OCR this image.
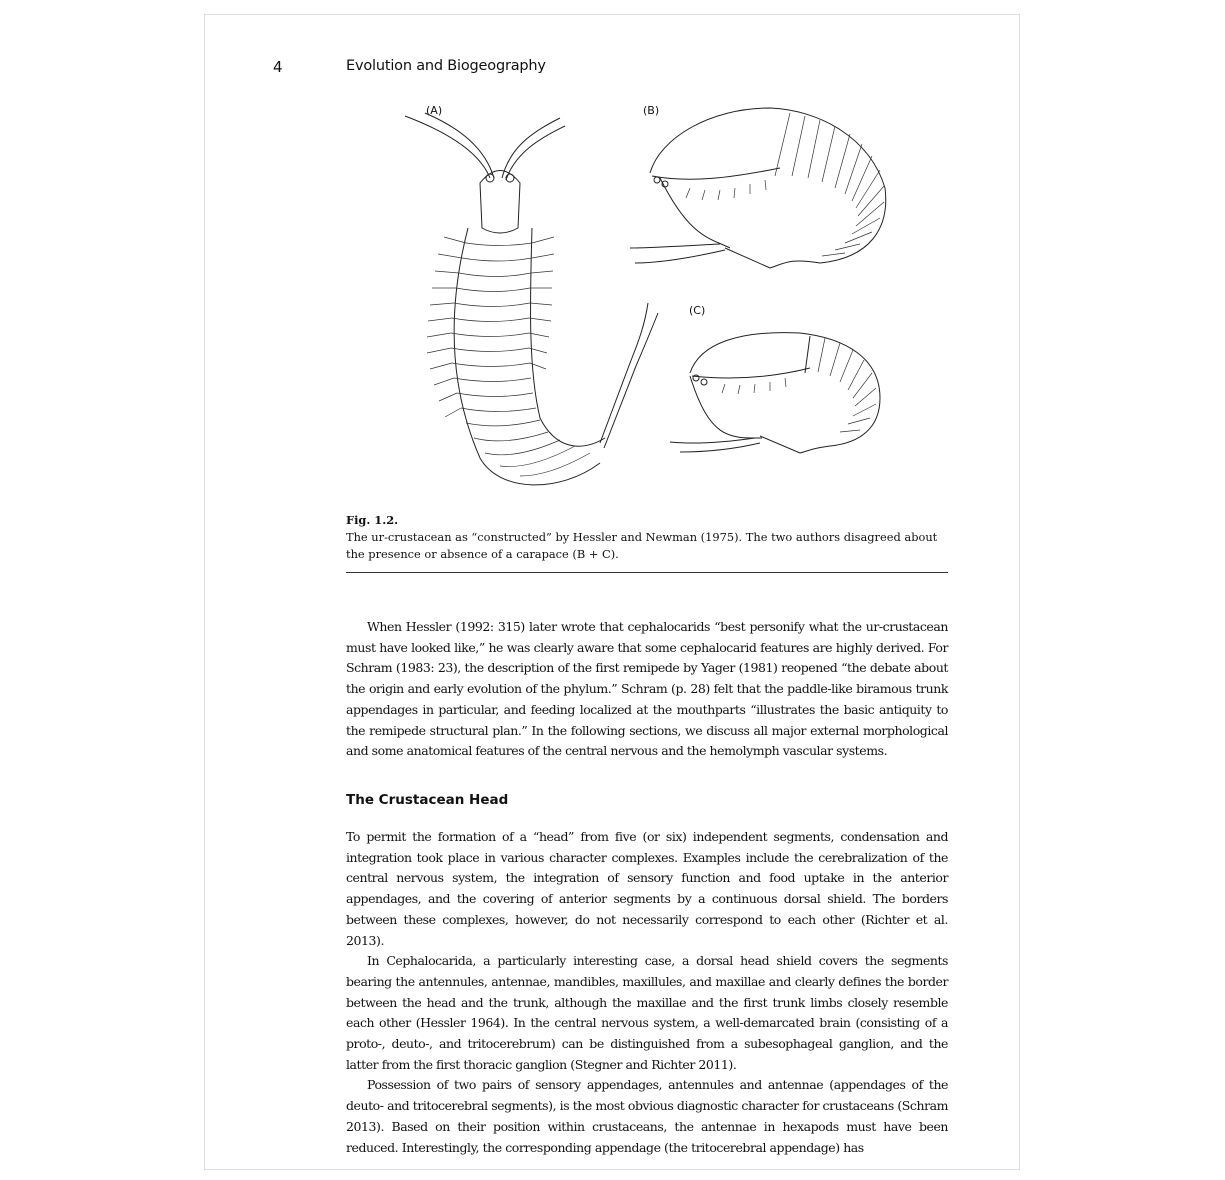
4	Evolution and Biogeography
(A)	(B)
(C)
Fig. 1.2.
The ur-crustacean as “constructed” by Hessler and Newman (1975). The two authors disagreed about the presence or absence of a carapace (B + C).

When Hessler (1992: 315) later wrote that cephalocarids “best personify what the ur-crustacean must have looked like,” he was clearly aware that some cephalocarid features are highly derived. For Schram (1983: 23), the description of the first remipede by Yager (1981) reopened “the debate about the origin and early evolution of the phylum.” Schram (p. 28) felt that the paddle-like biramous trunk appendages in particular, and feeding localized at the mouthparts “illustrates the basic antiquity to the remipede structural plan.” In the following sections, we discuss all major external morphological and some anatomical features of the central nervous and the hemolymph vascular systems.

The Crustacean Head

To permit the formation of a “head” from five (or six) independent segments, condensation and integration took place in various character complexes. Examples include the cerebralization of the central nervous system, the integration of sensory function and food uptake in the anterior appendages, and the covering of anterior segments by a continuous dorsal shield. The borders between these complexes, however, do not necessarily correspond to each other (Richter et al. 2013).

In Cephalocarida, a particularly interesting case, a dorsal head shield covers the segments bearing the antennules, antennae, mandibles, maxillules, and maxillae and clearly defines the border between the head and the trunk, although the maxillae and the first trunk limbs closely resemble each other (Hessler 1964). In the central nervous system, a well-demarcated brain (consisting of a proto-, deuto-, and tritocerebrum) can be distinguished from a subesophageal ganglion, and the latter from the first thoracic ganglion (Stegner and Richter 2011).

Possession of two pairs of sensory appendages, antennules and antennae (appendages of the deuto- and tritocerebral segments), is the most obvious diagnostic character for crustaceans (Schram 2013). Based on their position within crustaceans, the antennae in hexapods must have been reduced. Interestingly, the corresponding appendage (the tritocerebral appendage) has
